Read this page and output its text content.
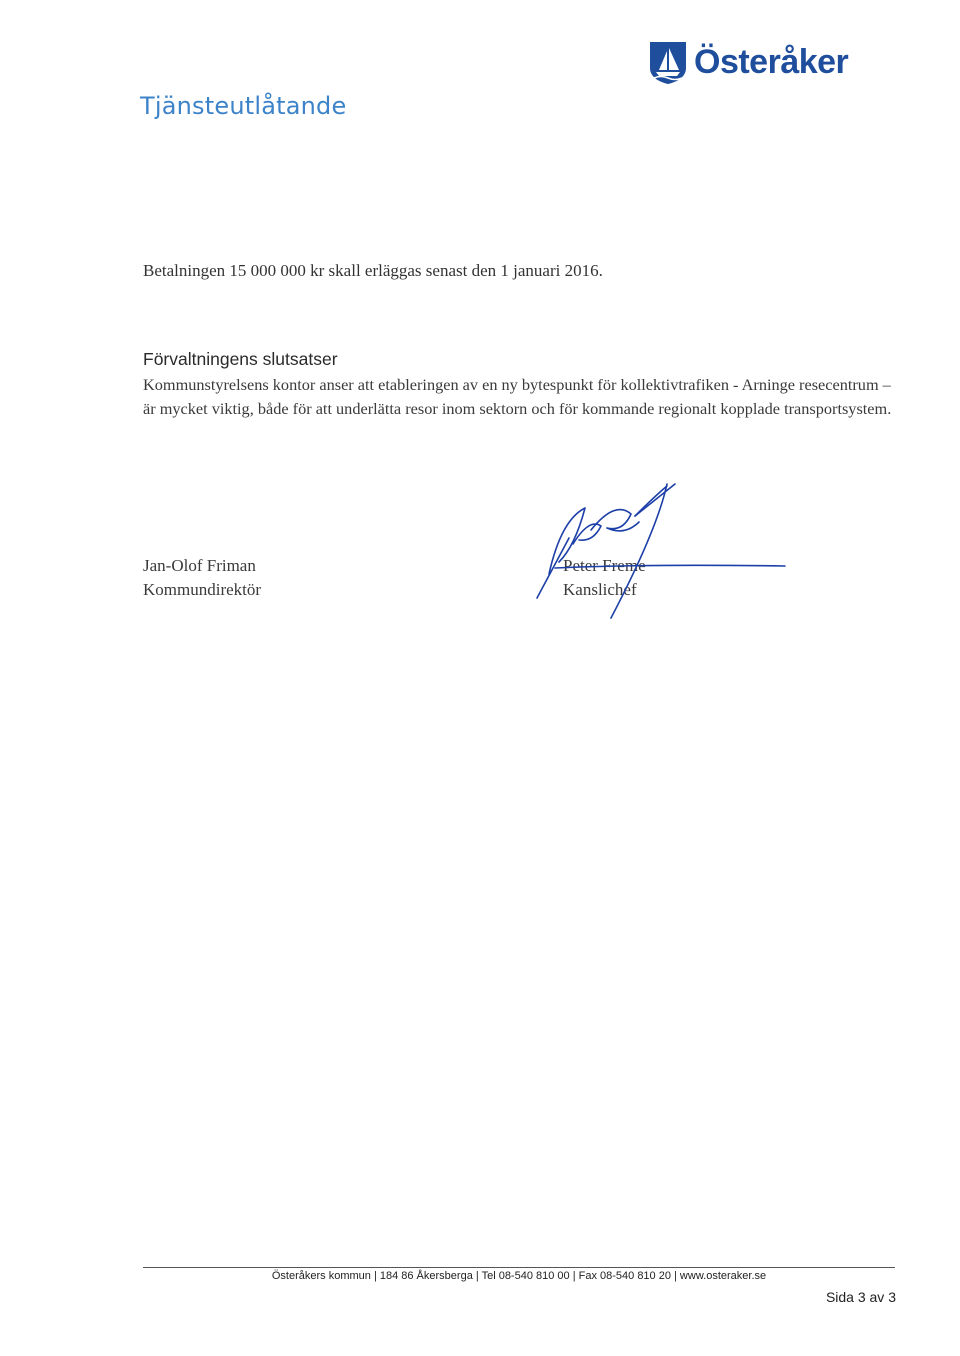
Österåker
Tjänsteutlåtande
Betalningen 15 000 000 kr skall erläggas senast den 1 januari 2016.
Förvaltningens slutsatser
Kommunstyrelsens kontor anser att etableringen av en ny bytespunkt för kollektivtrafiken - Arninge resecentrum – är mycket viktig, både för att underlätta resor inom sektorn och för kommande regionalt kopplade transportsystem.
Jan-Olof Friman
Kommundirektör
Peter Freme
Kanslichef
Österåkers kommun | 184 86 Åkersberga | Tel 08-540 810 00 | Fax 08-540 810 20 | www.osteraker.se
Sida 3 av 3
